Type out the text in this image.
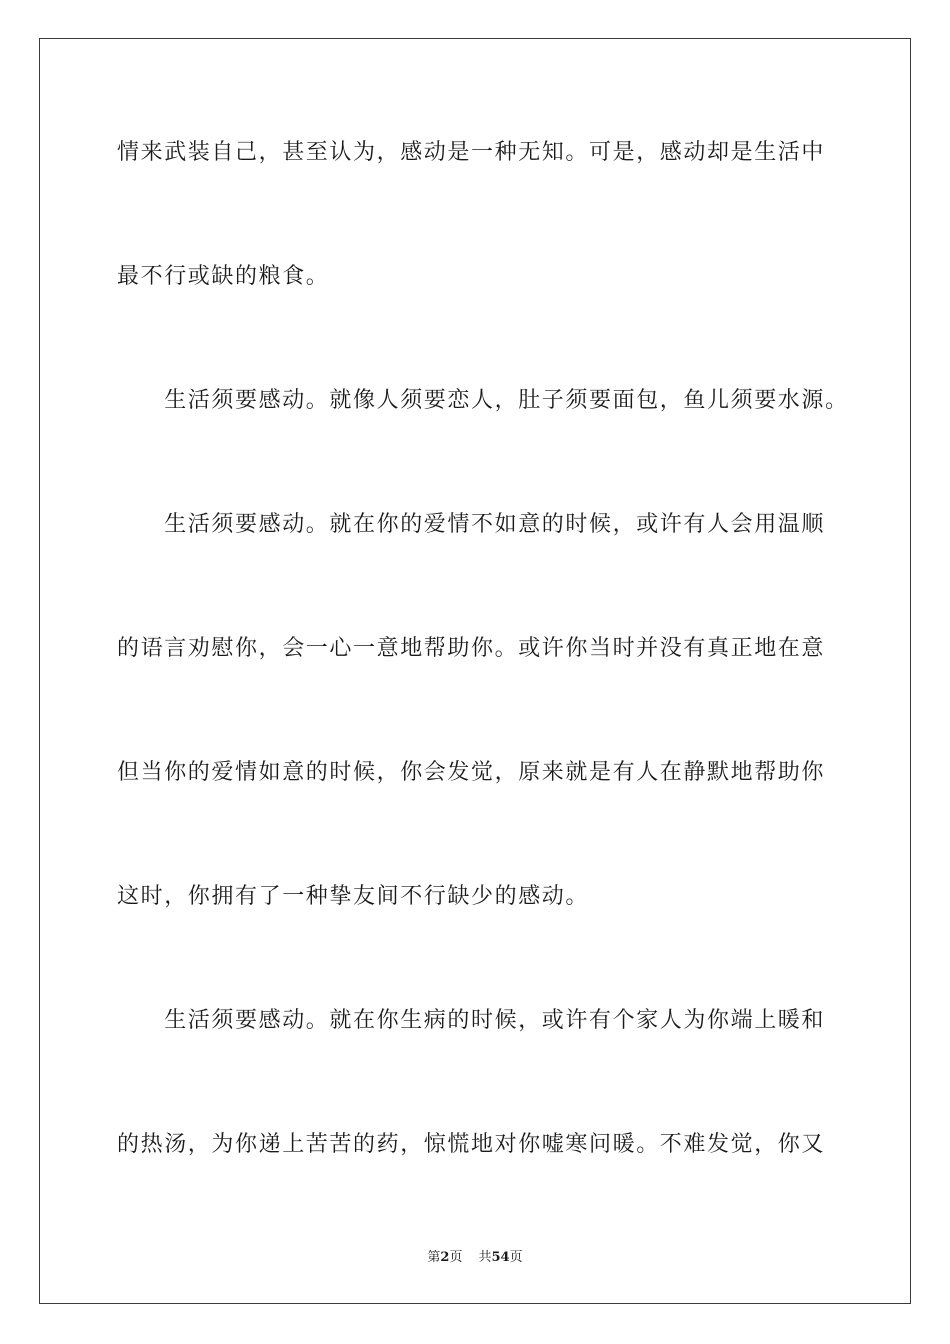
情来武装自己，甚至认为，感动是一种无知。可是，感动却是生活中
最不行或缺的粮食。
　　生活须要感动。就像人须要恋人，肚子须要面包，鱼儿须要水源。
　　生活须要感动。就在你的爱情不如意的时候，或许有人会用温顺
的语言劝慰你，会一心一意地帮助你。或许你当时并没有真正地在意
但当你的爱情如意的时候，你会发觉，原来就是有人在静默地帮助你
这时，你拥有了一种挚友间不行缺少的感动。
　　生活须要感动。就在你生病的时候，或许有个家人为你端上暖和
的热汤，为你递上苦苦的药，惊慌地对你嘘寒问暖。不难发觉，你又
第2页 共54页
